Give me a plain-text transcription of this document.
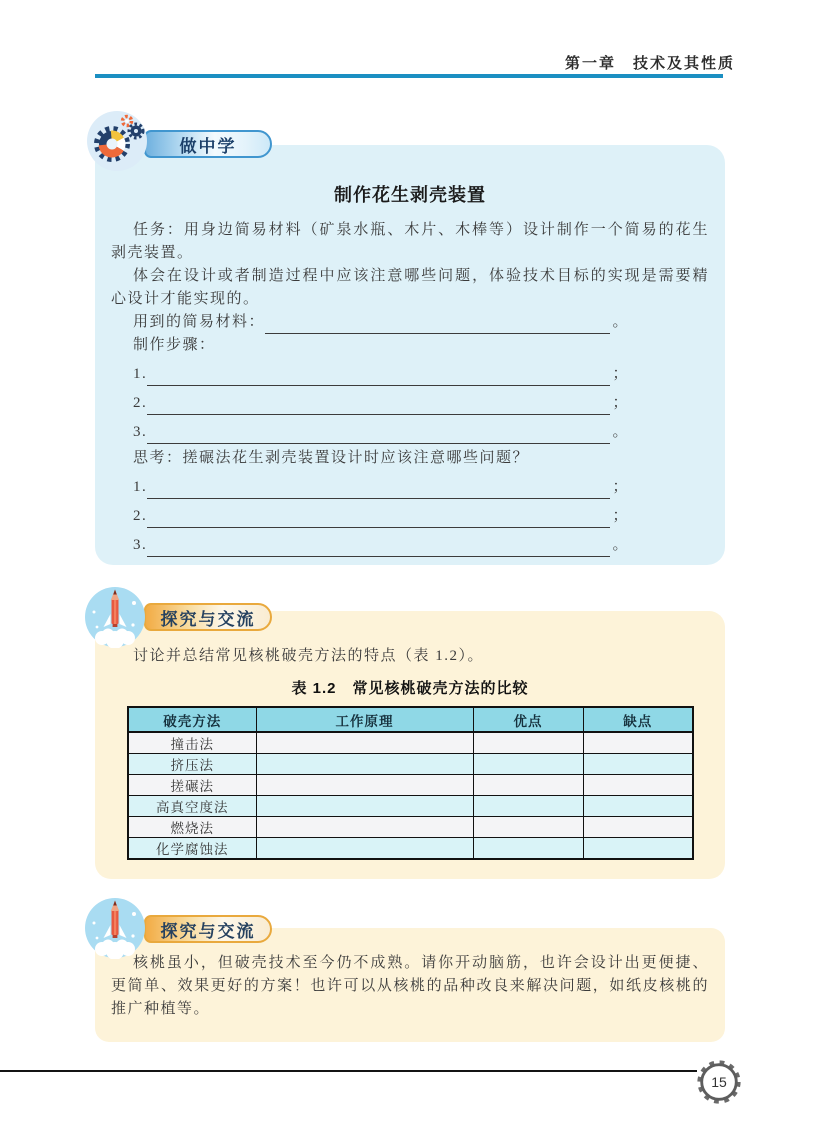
第一章　技术及其性质
做中学
制作花生剥壳装置

任务：用身边简易材料（矿泉水瓶、木片、木棒等）设计制作一个简易的花生剥壳装置。

体会在设计或者制造过程中应该注意哪些问题，体验技术目标的实现是需要精心设计才能实现的。

用到的简易材料：	。

制作步骤：

1.	；
2.	；
3.	。

思考：搓碾法花生剥壳装置设计时应该注意哪些问题？

1.	；
2.	；
3.	。
探究与交流

讨论并总结常见核桃破壳方法的特点（表 1.2）。

表 1.2　常见核桃破壳方法的比较
破壳方法	工作原理	优点	缺点
撞击法			
挤压法			
搓碾法			
高真空度法			
燃烧法			
化学腐蚀法			
探究与交流

核桃虽小，但破壳技术至今仍不成熟。请你开动脑筋，也许会设计出更便捷、更简单、效果更好的方案！也许可以从核桃的品种改良来解决问题，如纸皮核桃的推广种植等。

15
